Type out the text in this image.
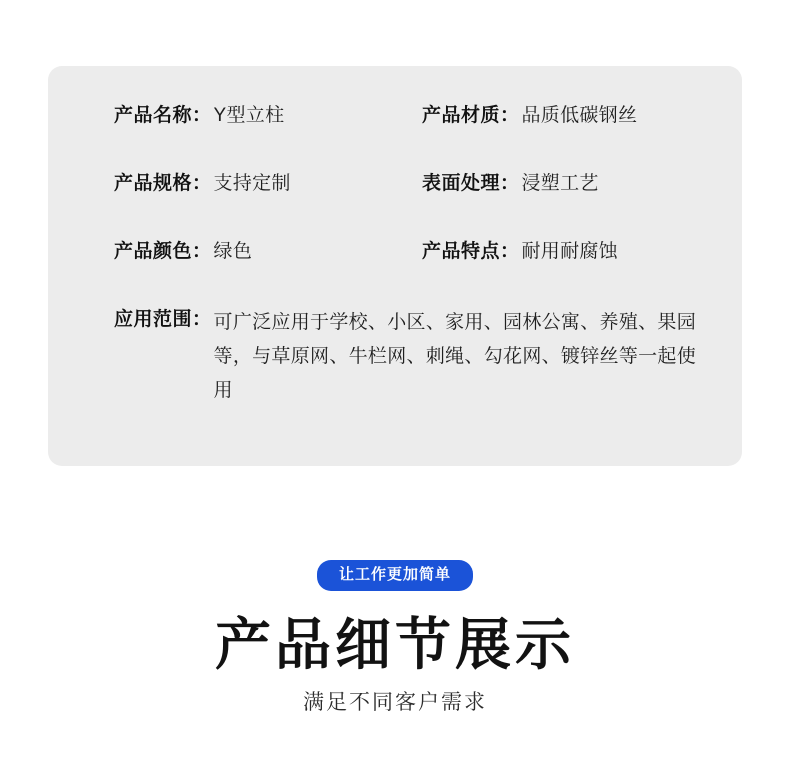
产品名称： Y型立柱	产品材质： 品质低碳钢丝
产品规格： 支持定制	表面处理： 浸塑工艺
产品颜色： 绿色	产品特点： 耐用耐腐蚀
应用范围： 可广泛应用于学校、小区、家用、园林公寓、养殖、果园等，与草原网、牛栏网、刺绳、勾花网、镀锌丝等一起使用
让工作更加简单
产品细节展示
满足不同客户需求
